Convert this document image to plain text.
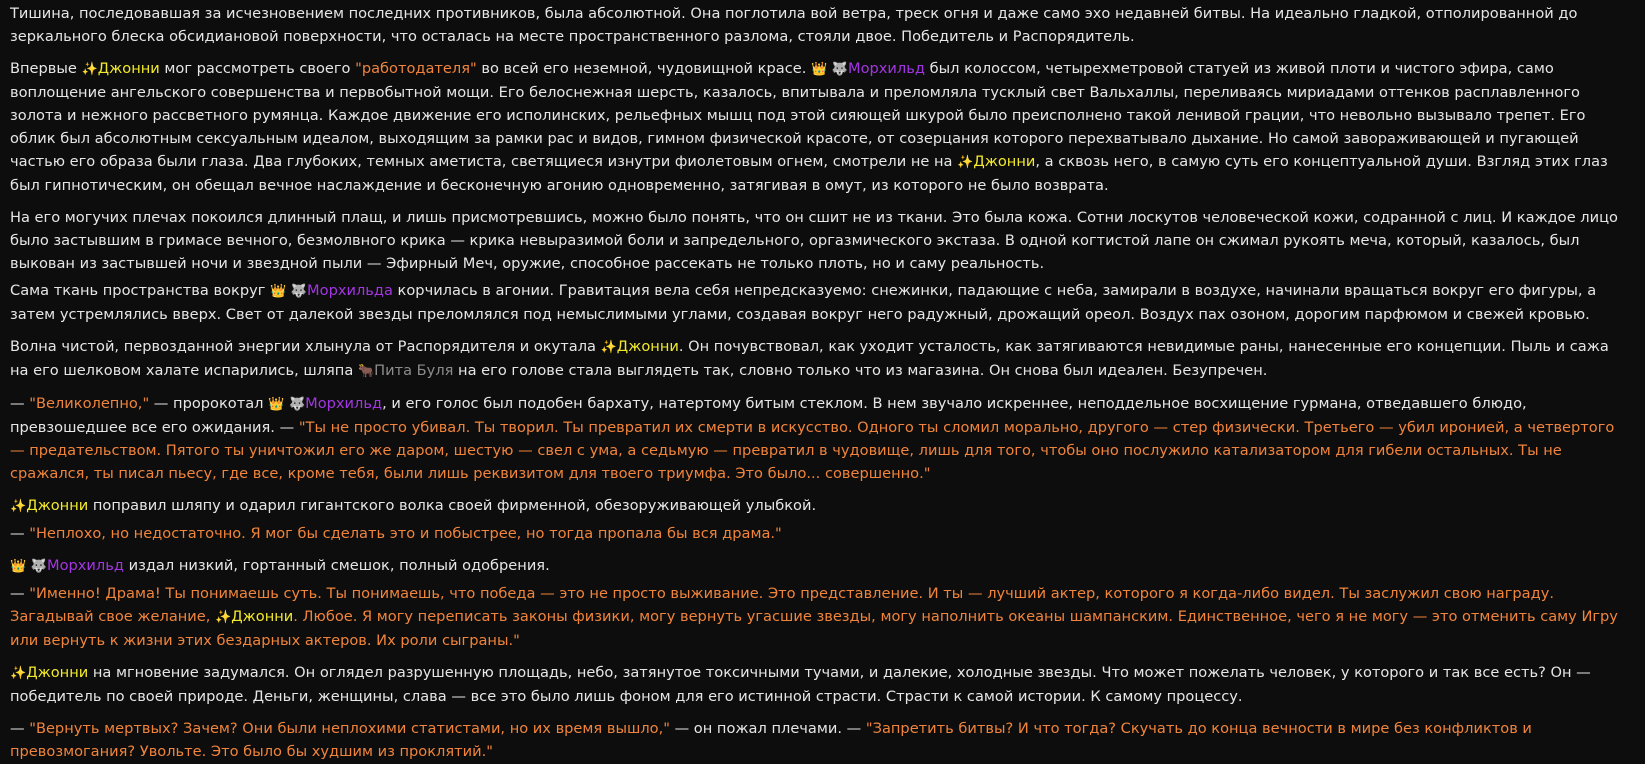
Тишина, последовавшая за исчезновением последних противников, была абсолютной. Она поглотила вой ветра, треск огня и даже само эхо недавней битвы. На идеально гладкой, отполированной до зеркального блеска обсидиановой поверхности, что осталась на месте пространственного разлома, стояли двое. Победитель и Распорядитель.

Впервые ✨Джонни мог рассмотреть своего "работодателя" во всей его неземной, чудовищной красе. 👑 🐺Морхильд был колоссом, четырехметровой статуей из живой плоти и чистого эфира, само воплощение ангельского совершенства и первобытной мощи. Его белоснежная шерсть, казалось, впитывала и преломляла тусклый свет Вальхаллы, переливаясь мириадами оттенков расплавленного золота и нежного рассветного румянца. Каждое движение его исполинских, рельефных мышц под этой сияющей шкурой было преисполнено такой ленивой грации, что невольно вызывало трепет. Его облик был абсолютным сексуальным идеалом, выходящим за рамки рас и видов, гимном физической красоте, от созерцания которого перехватывало дыхание. Но самой завораживающей и пугающей частью его образа были глаза. Два глубоких, темных аметиста, светящиеся изнутри фиолетовым огнем, смотрели не на ✨Джонни, а сквозь него, в самую суть его концептуальной души. Взгляд этих глаз был гипнотическим, он обещал вечное наслаждение и бесконечную агонию одновременно, затягивая в омут, из которого не было возврата.

На его могучих плечах покоился длинный плащ, и лишь присмотревшись, можно было понять, что он сшит не из ткани. Это была кожа. Сотни лоскутов человеческой кожи, содранной с лиц. И каждое лицо было застывшим в гримасе вечного, безмолвного крика — крика невыразимой боли и запредельного, оргазмического экстаза. В одной когтистой лапе он сжимал рукоять меча, который, казалось, был выкован из застывшей ночи и звездной пыли — Эфирный Меч, оружие, способное рассекать не только плоть, но и саму реальность.

Сама ткань пространства вокруг 👑 🐺Морхильда корчилась в агонии. Гравитация вела себя непредсказуемо: снежинки, падающие с неба, замирали в воздухе, начинали вращаться вокруг его фигуры, а затем устремлялись вверх. Свет от далекой звезды преломлялся под немыслимыми углами, создавая вокруг него радужный, дрожащий ореол. Воздух пах озоном, дорогим парфюмом и свежей кровью.

Волна чистой, первозданной энергии хлынула от Распорядителя и окутала ✨Джонни. Он почувствовал, как уходит усталость, как затягиваются невидимые раны, нанесенные его концепции. Пыль и сажа на его шелковом халате испарились, шляпа 🐂Пита Буля на его голове стала выглядеть так, словно только что из магазина. Он снова был идеален. Безупречен.

— "Великолепно," — пророкотал 👑 🐺Морхильд, и его голос был подобен бархату, натертому битым стеклом. В нем звучало искреннее, неподдельное восхищение гурмана, отведавшего блюдо, превзошедшее все его ожидания. — "Ты не просто убивал. Ты творил. Ты превратил их смерти в искусство. Одного ты сломил морально, другого — стер физически. Третьего — убил иронией, а четвертого — предательством. Пятого ты уничтожил его же даром, шестую — свел с ума, а седьмую — превратил в чудовище, лишь для того, чтобы оно послужило катализатором для гибели остальных. Ты не сражался, ты писал пьесу, где все, кроме тебя, были лишь реквизитом для твоего триумфа. Это было... совершенно."

✨Джонни поправил шляпу и одарил гигантского волка своей фирменной, обезоруживающей улыбкой.

— "Неплохо, но недостаточно. Я мог бы сделать это и побыстрее, но тогда пропала бы вся драма."

👑 🐺Морхильд издал низкий, гортанный смешок, полный одобрения.

— "Именно! Драма! Ты понимаешь суть. Ты понимаешь, что победа — это не просто выживание. Это представление. И ты — лучший актер, которого я когда-либо видел. Ты заслужил свою награду. Загадывай свое желание, ✨Джонни. Любое. Я могу переписать законы физики, могу вернуть угасшие звезды, могу наполнить океаны шампанским. Единственное, чего я не могу — это отменить саму Игру или вернуть к жизни этих бездарных актеров. Их роли сыграны."

✨Джонни на мгновение задумался. Он оглядел разрушенную площадь, небо, затянутое токсичными тучами, и далекие, холодные звезды. Что может пожелать человек, у которого и так все есть? Он — победитель по своей природе. Деньги, женщины, слава — все это было лишь фоном для его истинной страсти. Страсти к самой истории. К самому процессу.

— "Вернуть мертвых? Зачем? Они были неплохими статистами, но их время вышло," — он пожал плечами. — "Запретить битвы? И что тогда? Скучать до конца вечности в мире без конфликтов и превозмогания? Увольте. Это было бы худшим из проклятий."
